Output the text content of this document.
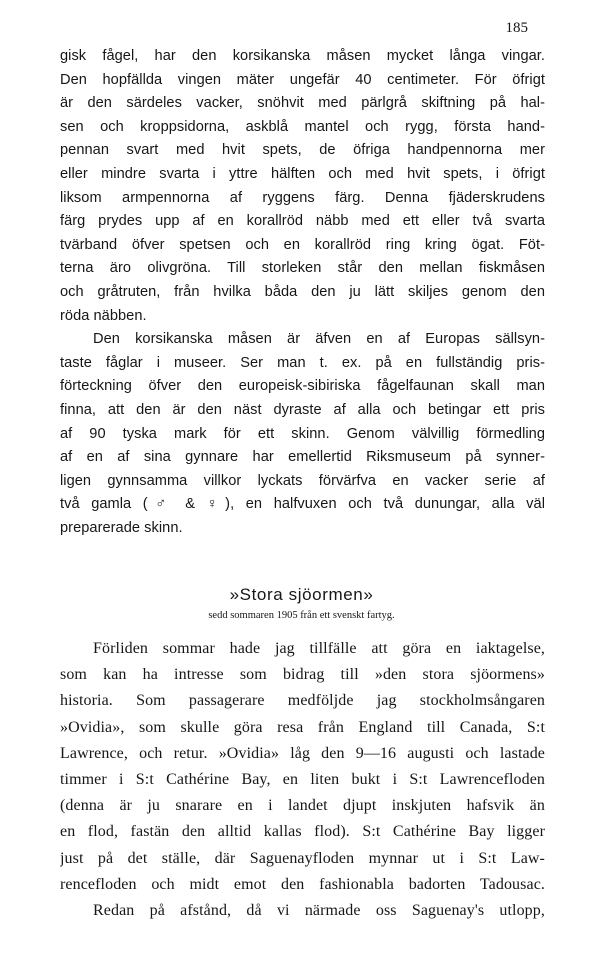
185
gisk fågel, har den korsikanska måsen mycket långa vingar.
Den hopfällda vingen mäter ungefär 40 centimeter. För öfrigt
är den särdeles vacker, snöhvit med pärlgrå skiftning på hal-
sen och kroppsidorna, askblå mantel och rygg, första hand-
pennan svart med hvit spets, de öfriga handpennorna mer
eller mindre svarta i yttre hälften och med hvit spets, i öfrigt
liksom armpennorna af ryggens färg. Denna fjäderskrudens
färg prydes upp af en korallröd näbb med ett eller två svarta
tvärband öfver spetsen och en korallröd ring kring ögat. Föt-
terna äro olivgröna. Till storleken står den mellan fiskmåsen
och gråtruten, från hvilka båda den ju lätt skiljes genom den
röda näbben.
Den korsikanska måsen är äfven en af Europas sällsyn-
taste fåglar i museer. Ser man t. ex. på en fullständig pris-
förteckning öfver den europeisk-sibiriska fågelfaunan skall man
finna, att den är den näst dyraste af alla och betingar ett pris
af 90 tyska mark för ett skinn. Genom välvillig förmedling
af en af sina gynnare har emellertid Riksmuseum på synner-
ligen gynnsamma villkor lyckats förvärfva en vacker serie af
två gamla (♂ & ♀), en halfvuxen och två dunungar, alla väl
preparerade skinn.
»Stora sjöormen»
sedd sommaren 1905 från ett svenskt fartyg.
Förliden sommar hade jag tillfälle att göra en iaktagelse,
som kan ha intresse som bidrag till »den stora sjöormens»
historia. Som passagerare medföljde jag stockholmsångaren
»Ovidia», som skulle göra resa från England till Canada, S:t
Lawrence, och retur. »Ovidia» låg den 9—16 augusti och lastade
timmer i S:t Cathérine Bay, en liten bukt i S:t Lawrencefloden
(denna är ju snarare en i landet djupt inskjuten hafsvik än
en flod, fastän den alltid kallas flod). S:t Cathérine Bay ligger
just på det ställe, där Saguenayfloden mynnar ut i S:t Law-
rencefloden och midt emot den fashionabla badorten Tadousac.
Redan på afstånd, då vi närmade oss Saguenay's utlopp,
